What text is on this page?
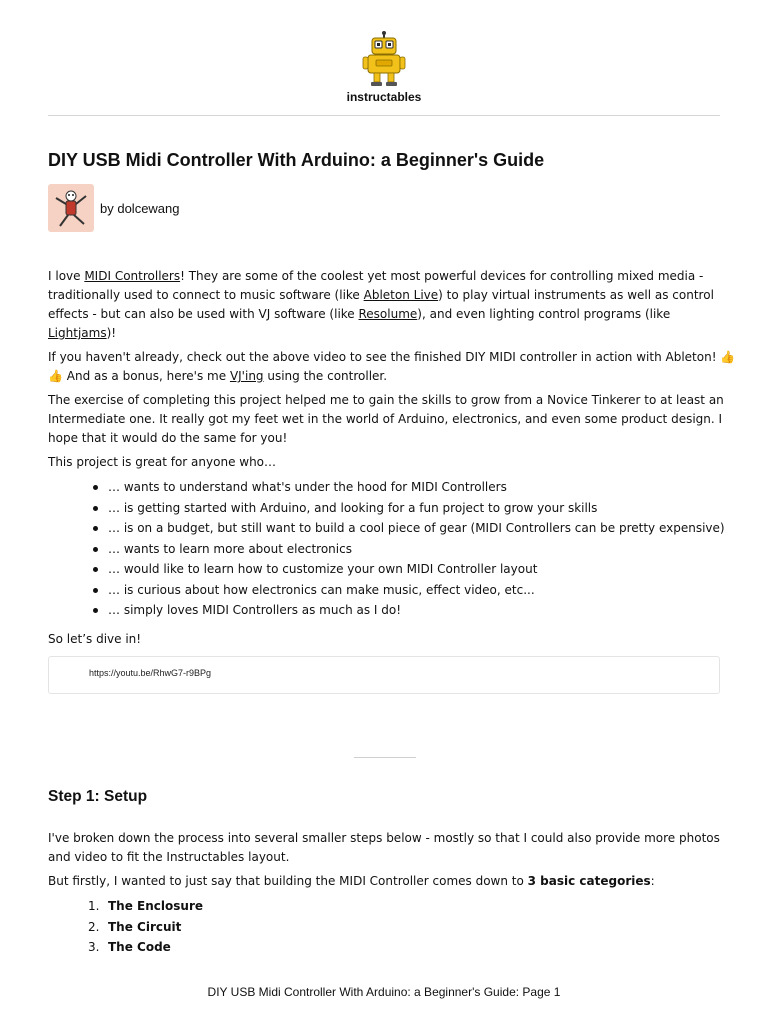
instructables
DIY USB Midi Controller With Arduino: a Beginner's Guide
by dolcewang

I love MIDI Controllers! They are some of the coolest yet most powerful devices for controlling mixed media - traditionally used to connect to music software (like Ableton Live) to play virtual instruments as well as control effects - but can also be used with VJ software (like Resolume), and even lighting control programs (like Lightjams)!

If you haven't already, check out the above video to see the finished DIY MIDI controller in action with Ableton! 👍👍 And as a bonus, here's me VJ'ing using the controller.

The exercise of completing this project helped me to gain the skills to grow from a Novice Tinkerer to at least an Intermediate one. It really got my feet wet in the world of Arduino, electronics, and even some product design. I hope that it would do the same for you!

This project is great for anyone who…

… wants to understand what's under the hood for MIDI Controllers
… is getting started with Arduino, and looking for a fun project to grow your skills
… is on a budget, but still want to build a cool piece of gear (MIDI Controllers can be pretty expensive)
… wants to learn more about electronics
… would like to learn how to customize your own MIDI Controller layout
… is curious about how electronics can make music, effect video, etc...
… simply loves MIDI Controllers as much as I do!
So let’s dive in!
https://youtu.be/RhwG7-r9BPg
Step 1: Setup

I've broken down the process into several smaller steps below - mostly so that I could also provide more photos and video to fit the Instructables layout.

But firstly, I wanted to just say that building the MIDI Controller comes down to 3 basic categories:

1. The Enclosure
2. The Circuit
3. The Code
DIY USB Midi Controller With Arduino: a Beginner's Guide: Page 1
